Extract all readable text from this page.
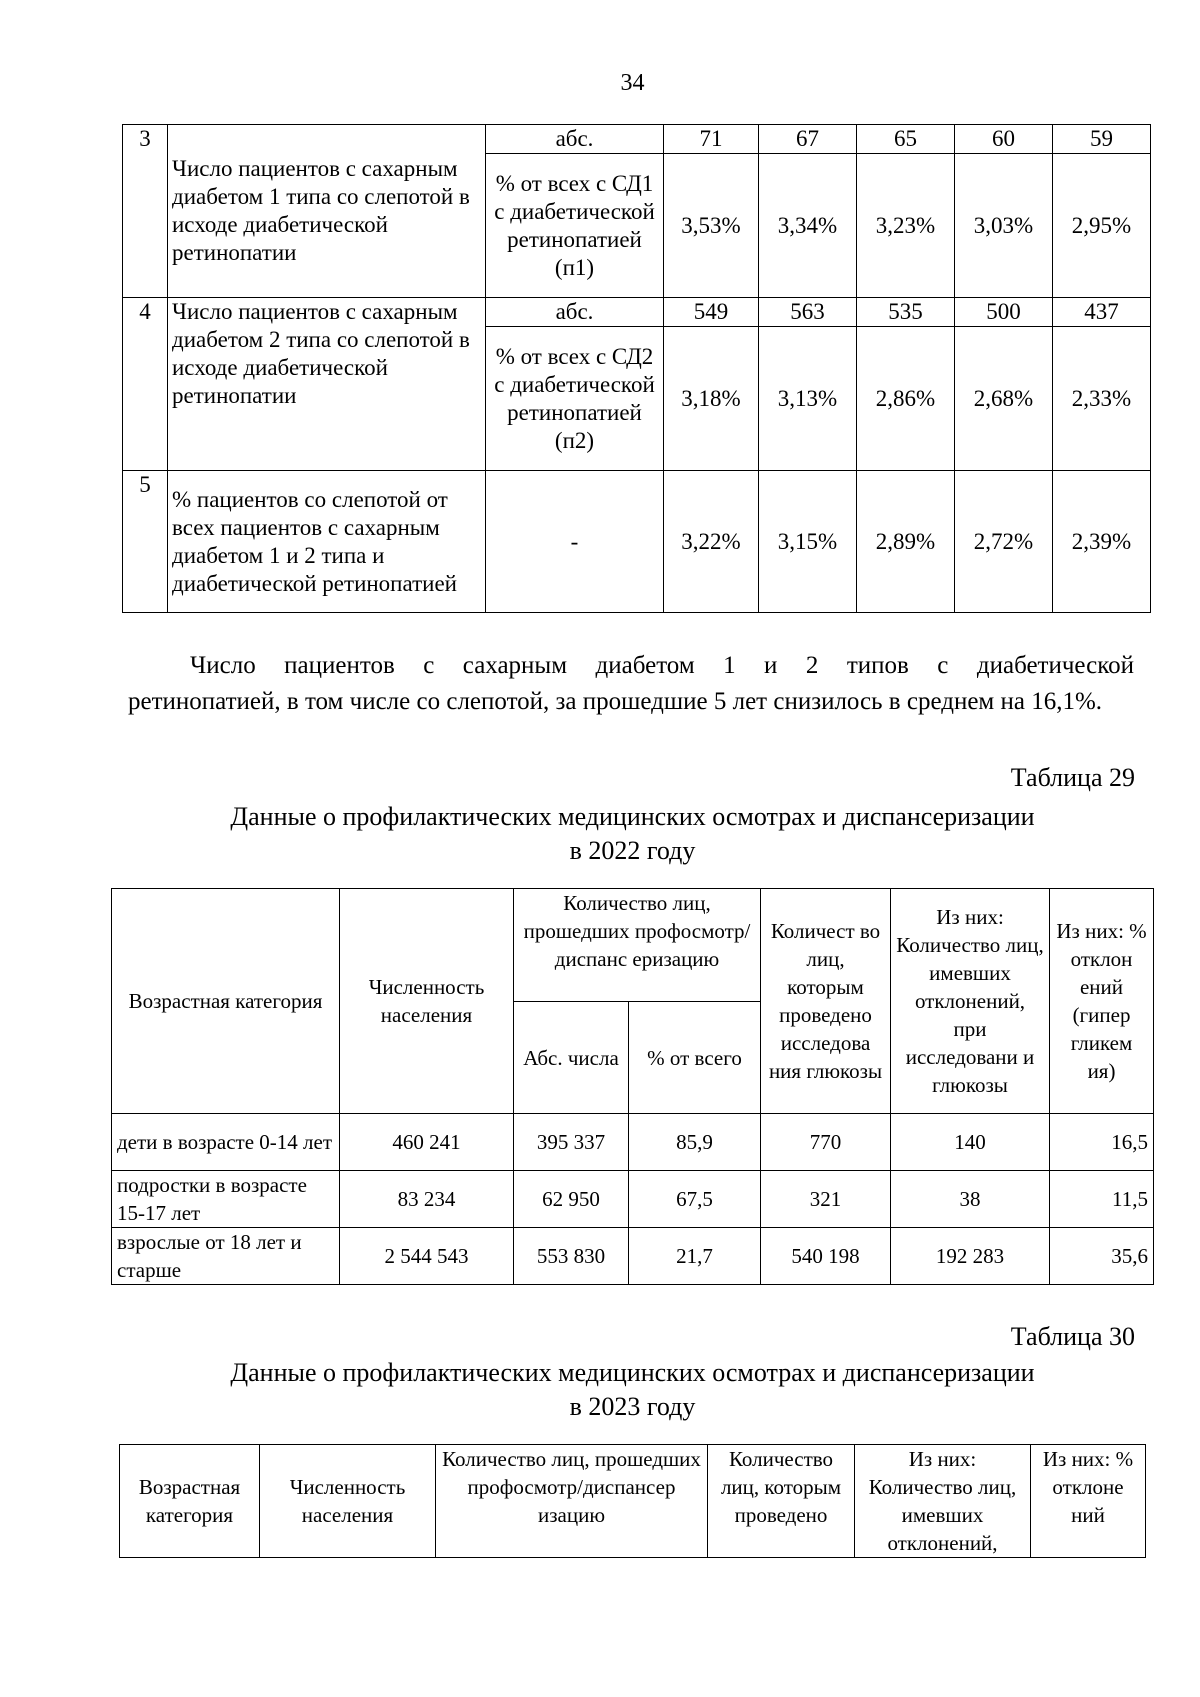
34
3	Число пациентов с сахарным диабетом 1 типа со слепотой в исходе диабетической ретинопатии	абс.	71	67	65	60	59
		% от всех с СД1 с диабетической ретинопатией (п1)	3,53%	3,34%	3,23%	3,03%	2,95%
4	Число пациентов с сахарным диабетом 2 типа со слепотой в исходе диабетической ретинопатии	абс.	549	563	535	500	437
		% от всех с СД2 с диабетической ретинопатией (п2)	3,18%	3,13%	2,86%	2,68%	2,33%
5	% пациентов со слепотой от всех пациентов с сахарным диабетом 1 и 2 типа и диабетической ретинопатией	-	3,22%	3,15%	2,89%	2,72%	2,39%
Число пациентов с сахарным диабетом 1 и 2 типов с диабетической
ретинопатией, в том числе со слепотой, за прошедшие 5 лет снизилось в среднем на 16,1%.
Таблица 29
Данные о профилактических медицинских осмотрах и диспансеризации
в 2022 году
Возрастная категория	Численность населения	Количество лиц, прошедших профосмотр/диспанс еризацию		Количест во лиц, которым проведено исследова ния глюкозы	Из них: Количество лиц, имевших отклонений, при исследовани и глюкозы	Из них: % отклон ений (гипер гликем ия)
		Абс. числа	% от всего			
дети в возрасте 0-14 лет	460 241	395 337	85,9	770	140	16,5
подростки в возрасте 15-17 лет	83 234	62 950	67,5	321	38	11,5
взрослые от 18 лет и старше	2 544 543	553 830	21,7	540 198	192 283	35,6
Таблица 30
Данные о профилактических медицинских осмотрах и диспансеризации
в 2023 году
Возрастная категория	Численность населения	Количество лиц, прошедших профосмотр/диспансер изацию	Количество лиц, которым проведено	Из них: Количество лиц, имевших отклонений,	Из них: % отклоне ний
